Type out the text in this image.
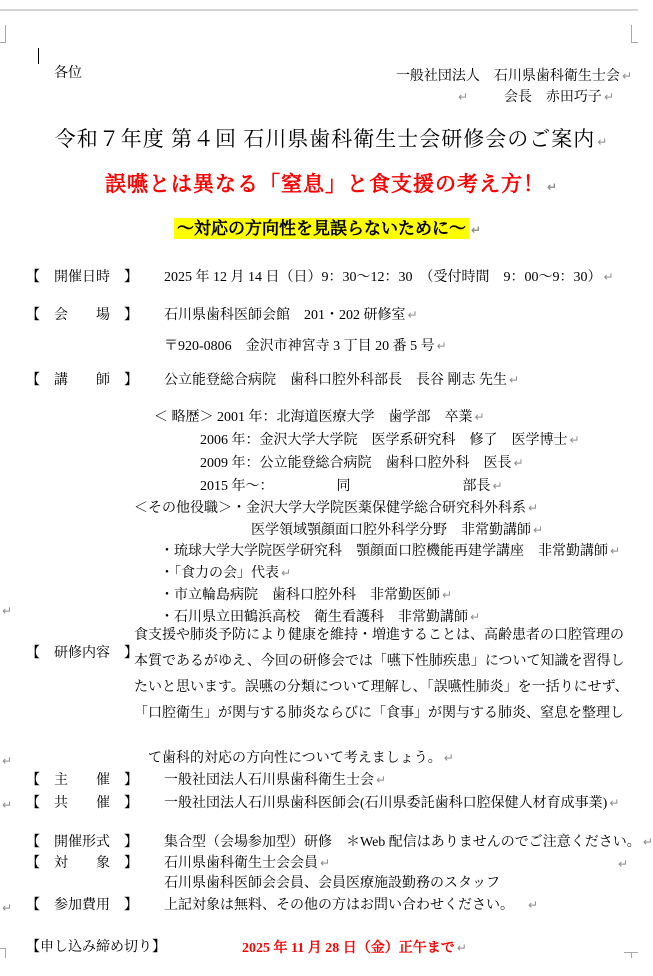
各位
	一般社団法人　石川県歯科衛生士会 ↵

会長　赤田巧子 ↵

↵

令和７年度 第４回 石川県歯科衛生士会研修会のご案内 ↵

誤嚥とは異なる「窒息」と食支援の考え方！ ↵

～対応の方向性を見誤らないために～ ↵

【　開催日時　】 2025 年 12 月 14 日（日）9：30～12：30　（受付時間　9：00～9：30） ↵

【　会　　場　】 石川県歯科医師会館　201・202 研修室 ↵

〒920-0806　金沢市神宮寺 3 丁目 20 番 5 号 ↵

【　講　　師　】 公立能登総合病院　歯科口腔外科部長　長谷 剛志 先生 ↵

＜ 略歴＞ 2001 年：北海道医療大学　歯学部　卒業 ↵

2006 年：金沢大学大学院　医学系研究科　修了　医学博士 ↵

2009 年：公立能登総合病院　歯科口腔外科　医長 ↵

2015 年～：　　　　　同　　　　　　　　部長 ↵

＜その他役職＞・金沢大学大学院医薬保健学総合研究科外科系 ↵

医学領域顎顔面口腔外科学分野　非常勤講師 ↵

・琉球大学大学院医学研究科　顎顔面口腔機能再建学講座　非常勤講師 ↵

・「食力の会」代表 ↵

・市立輪島病院　歯科口腔外科　非常勤医師 ↵

・石川県立田鶴浜高校　衛生看護科　非常勤講師 ↵

↵

【　研修内容　】

食支援や肺炎予防により健康を維持・増進することは、高齢患者の口腔管理の
本質であるがゆえ、今回の研修会では「嚥下性肺疾患」について知識を習得し
たいと思います。誤嚥の分類について理解し、「誤嚥性肺炎」を一括りにせず、
「口腔衛生」が関与する肺炎ならびに「食事」が関与する肺炎、窒息を整理し

て歯科的対応の方向性について考えましょう。 ↵

↵

【　主　　催　】 一般社団法人石川県歯科衛生士会 ↵

【　共　　催　】 一般社団法人石川県歯科医師会(石川県委託歯科口腔保健人材育成事業) ↵

↵

【　開催形式　】 集合型（会場参加型）研修　＊Web 配信はありませんのでご注意ください。 ↵

【　対　　象　】 石川県歯科衛生士会会員 ↵

石川県歯科医師会会員、会員医療施設勤務のスタッフ

↵

【　参加費用　】 上記対象は無料、その他の方はお問い合わせください。 ↵

↵

【申し込み締め切り】
	2025 年 11 月 28 日（金）正午まで ↵
